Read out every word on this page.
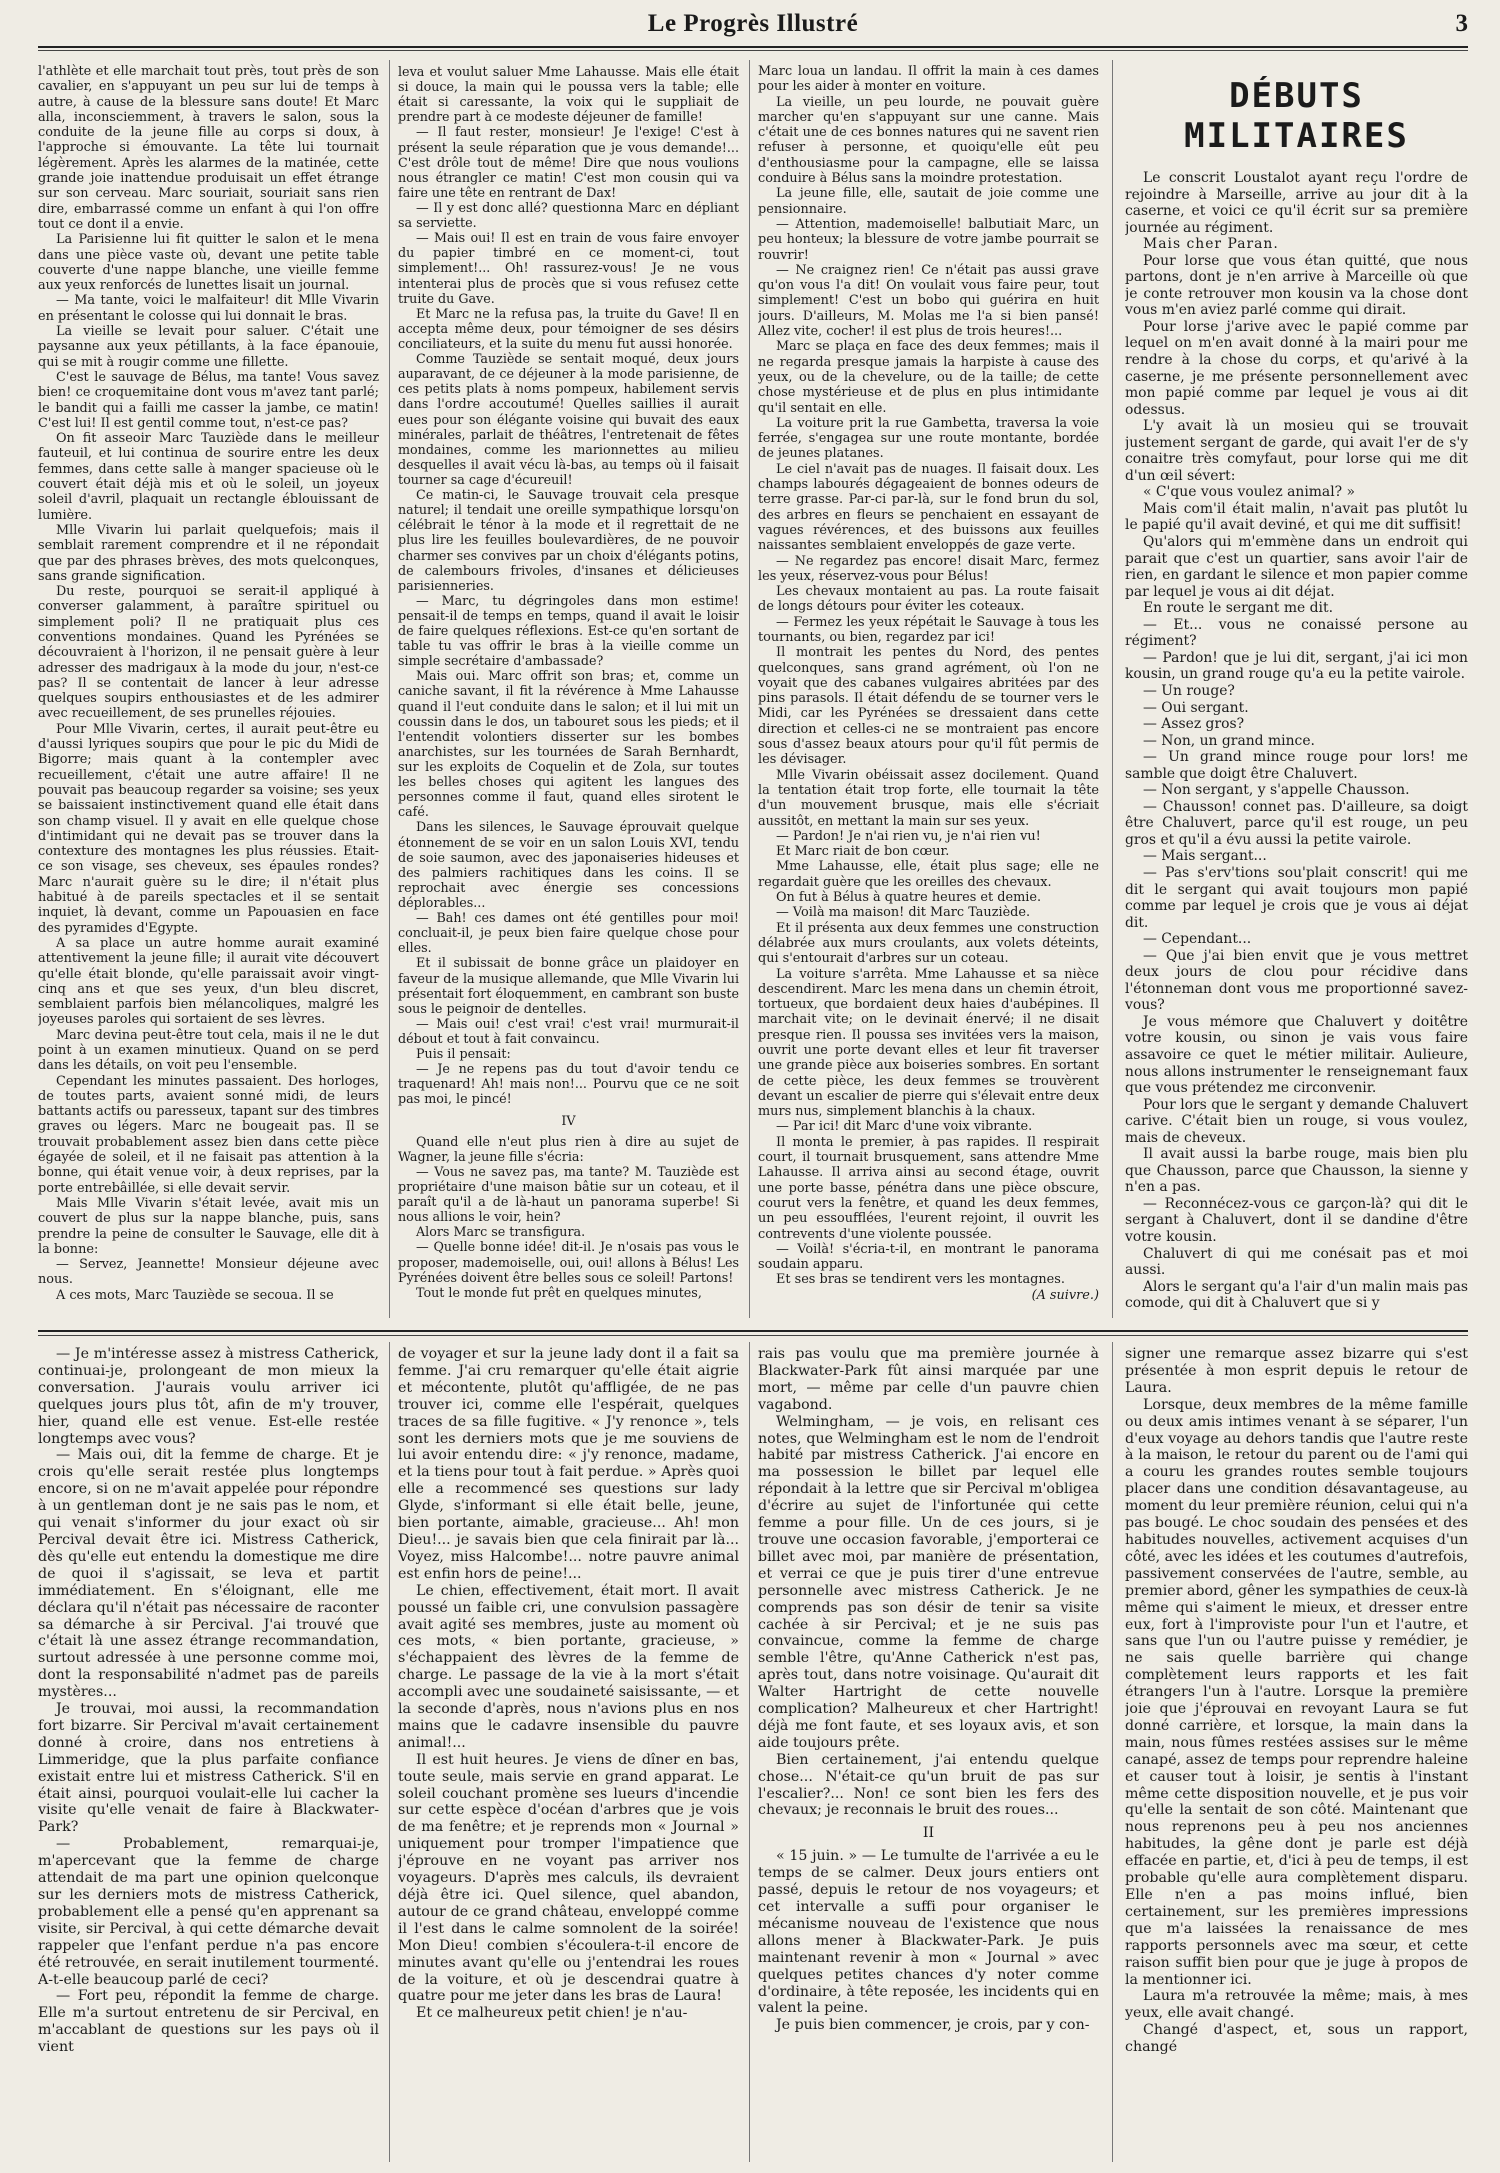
Le Progrès Illustré	3

l'athlète et elle marchait tout près, tout près de son cavalier, en s'appuyant un peu sur lui de temps à autre, à cause de la blessure sans doute! Et Marc alla, inconsciemment, à travers le salon, sous la conduite de la jeune fille au corps si doux, à l'approche si émouvante. La tête lui tournait légèrement. Après les alarmes de la matinée, cette grande joie inattendue produisait un effet étrange sur son cerveau. Marc souriait, souriait sans rien dire, embarrassé comme un enfant à qui l'on offre tout ce dont il a envie.

La Parisienne lui fit quitter le salon et le mena dans une pièce vaste où, devant une petite table couverte d'une nappe blanche, une vieille femme aux yeux renforcés de lunettes lisait un journal.

— Ma tante, voici le malfaiteur! dit Mlle Vivarin en présentant le colosse qui lui donnait le bras.

La vieille se levait pour saluer. C'était une paysanne aux yeux pétillants, à la face épanouie, qui se mit à rougir comme une fillette.

C'est le sauvage de Bélus, ma tante! Vous savez bien! ce croquemitaine dont vous m'avez tant parlé; le bandit qui a failli me casser la jambe, ce matin! C'est lui! Il est gentil comme tout, n'est-ce pas?

On fit asseoir Marc Tauziède dans le meilleur fauteuil, et lui continua de sourire entre les deux femmes, dans cette salle à manger spacieuse où le couvert était déjà mis et où le soleil, un joyeux soleil d'avril, plaquait un rectangle éblouissant de lumière.

Mlle Vivarin lui parlait quelquefois; mais il semblait rarement comprendre et il ne répondait que par des phrases brèves, des mots quelconques, sans grande signification.

Du reste, pourquoi se serait-il appliqué à converser galamment, à paraître spirituel ou simplement poli? Il ne pratiquait plus ces conventions mondaines. Quand les Pyrénées se découvraient à l'horizon, il ne pensait guère à leur adresser des madrigaux à la mode du jour, n'est-ce pas? Il se contentait de lancer à leur adresse quelques soupirs enthousiastes et de les admirer avec recueillement, de ses prunelles réjouies.

Pour Mlle Vivarin, certes, il aurait peut-être eu d'aussi lyriques soupirs que pour le pic du Midi de Bigorre; mais quant à la contempler avec recueillement, c'était une autre affaire! Il ne pouvait pas beaucoup regarder sa voisine; ses yeux se baissaient instinctivement quand elle était dans son champ visuel. Il y avait en elle quelque chose d'intimidant qui ne devait pas se trouver dans la contexture des montagnes les plus réussies. Etait-ce son visage, ses cheveux, ses épaules rondes? Marc n'aurait guère su le dire; il n'était plus habitué à de pareils spectacles et il se sentait inquiet, là devant, comme un Papouasien en face des pyramides d'Egypte.

A sa place un autre homme aurait examiné attentivement la jeune fille; il aurait vite découvert qu'elle était blonde, qu'elle paraissait avoir vingt-cinq ans et que ses yeux, d'un bleu discret, semblaient parfois bien mélancoliques, malgré les joyeuses paroles qui sortaient de ses lèvres.

Marc devina peut-être tout cela, mais il ne le dut point à un examen minutieux. Quand on se perd dans les détails, on voit peu l'ensemble.

Cependant les minutes passaient. Des horloges, de toutes parts, avaient sonné midi, de leurs battants actifs ou paresseux, tapant sur des timbres graves ou légers. Marc ne bougeait pas. Il se trouvait probablement assez bien dans cette pièce égayée de soleil, et il ne faisait pas attention à la bonne, qui était venue voir, à deux reprises, par la porte entrebâillée, si elle devait servir.

Mais Mlle Vivarin s'était levée, avait mis un couvert de plus sur la nappe blanche, puis, sans prendre la peine de consulter le Sauvage, elle dit à la bonne:

— Servez, Jeannette! Monsieur déjeune avec nous.

A ces mots, Marc Tauziède se secoua. Il se

leva et voulut saluer Mme Lahausse. Mais elle était si douce, la main qui le poussa vers la table; elle était si caressante, la voix qui le suppliait de prendre part à ce modeste déjeuner de famille!

— Il faut rester, monsieur! Je l'exige! C'est à présent la seule réparation que je vous demande!... C'est drôle tout de même! Dire que nous voulions nous étrangler ce matin! C'est mon cousin qui va faire une tête en rentrant de Dax!

— Il y est donc allé? questionna Marc en dépliant sa serviette.

— Mais oui! Il est en train de vous faire envoyer du papier timbré en ce moment-ci, tout simplement!... Oh! rassurez-vous! Je ne vous intenterai plus de procès que si vous refusez cette truite du Gave.

Et Marc ne la refusa pas, la truite du Gave! Il en accepta même deux, pour témoigner de ses désirs conciliateurs, et la suite du menu fut aussi honorée.

Comme Tauziède se sentait moqué, deux jours auparavant, de ce déjeuner à la mode parisienne, de ces petits plats à noms pompeux, habilement servis dans l'ordre accoutumé! Quelles saillies il aurait eues pour son élégante voisine qui buvait des eaux minérales, parlait de théâtres, l'entretenait de fêtes mondaines, comme les marionnettes au milieu desquelles il avait vécu là-bas, au temps où il faisait tourner sa cage d'écureuil!

Ce matin-ci, le Sauvage trouvait cela presque naturel; il tendait une oreille sympathique lorsqu'on célébrait le ténor à la mode et il regrettait de ne plus lire les feuilles boulevardières, de ne pouvoir charmer ses convives par un choix d'élégants potins, de calembours frivoles, d'insanes et délicieuses parisienneries.

— Marc, tu dégringoles dans mon estime! pensait-il de temps en temps, quand il avait le loisir de faire quelques réflexions. Est-ce qu'en sortant de table tu vas offrir le bras à la vieille comme un simple secrétaire d'ambassade?

Mais oui. Marc offrit son bras; et, comme un caniche savant, il fit la révérence à Mme Lahausse quand il l'eut conduite dans le salon; et il lui mit un coussin dans le dos, un tabouret sous les pieds; et il l'entendit volontiers disserter sur les bombes anarchistes, sur les tournées de Sarah Bernhardt, sur les exploits de Coquelin et de Zola, sur toutes les belles choses qui agitent les langues des personnes comme il faut, quand elles sirotent le café.

Dans les silences, le Sauvage éprouvait quelque étonnement de se voir en un salon Louis XVI, tendu de soie saumon, avec des japonaiseries hideuses et des palmiers rachitiques dans les coins. Il se reprochait avec énergie ses concessions déplorables...

— Bah! ces dames ont été gentilles pour moi! concluait-il, je peux bien faire quelque chose pour elles.

Et il subissait de bonne grâce un plaidoyer en faveur de la musique allemande, que Mlle Vivarin lui présentait fort éloquemment, en cambrant son buste sous le peignoir de dentelles.

— Mais oui! c'est vrai! c'est vrai! murmurait-il débout et tout à fait convaincu.

Puis il pensait:

— Je ne repens pas du tout d'avoir tendu ce traquenard! Ah! mais non!... Pourvu que ce ne soit pas moi, le pincé!

IV

Quand elle n'eut plus rien à dire au sujet de Wagner, la jeune fille s'écria:

— Vous ne savez pas, ma tante? M. Tauziède est propriétaire d'une maison bâtie sur un coteau, et il paraît qu'il a de là-haut un panorama superbe! Si nous allions le voir, hein?

Alors Marc se transfigura.

— Quelle bonne idée! dit-il. Je n'osais pas vous le proposer, mademoiselle, oui, oui! allons à Bélus! Les Pyrénées doivent être belles sous ce soleil! Partons!

Tout le monde fut prêt en quelques minutes,

Marc loua un landau. Il offrit la main à ces dames pour les aider à monter en voiture.

La vieille, un peu lourde, ne pouvait guère marcher qu'en s'appuyant sur une canne. Mais c'était une de ces bonnes natures qui ne savent rien refuser à personne, et quoiqu'elle eût peu d'enthousiasme pour la campagne, elle se laissa conduire à Bélus sans la moindre protestation.

La jeune fille, elle, sautait de joie comme une pensionnaire.

— Attention, mademoiselle! balbutiait Marc, un peu honteux; la blessure de votre jambe pourrait se rouvrir!

— Ne craignez rien! Ce n'était pas aussi grave qu'on vous l'a dit! On voulait vous faire peur, tout simplement! C'est un bobo qui guérira en huit jours. D'ailleurs, M. Molas me l'a si bien pansé! Allez vite, cocher! il est plus de trois heures!...

Marc se plaça en face des deux femmes; mais il ne regarda presque jamais la harpiste à cause des yeux, ou de la chevelure, ou de la taille; de cette chose mystérieuse et de plus en plus intimidante qu'il sentait en elle.

La voiture prit la rue Gambetta, traversa la voie ferrée, s'engagea sur une route montante, bordée de jeunes platanes.

Le ciel n'avait pas de nuages. Il faisait doux. Les champs labourés dégageaient de bonnes odeurs de terre grasse. Par-ci par-là, sur le fond brun du sol, des arbres en fleurs se penchaient en essayant de vagues révérences, et des buissons aux feuilles naissantes semblaient enveloppés de gaze verte.

— Ne regardez pas encore! disait Marc, fermez les yeux, réservez-vous pour Bélus!

Les chevaux montaient au pas. La route faisait de longs détours pour éviter les coteaux.

— Fermez les yeux répétait le Sauvage à tous les tournants, ou bien, regardez par ici!

Il montrait les pentes du Nord, des pentes quelconques, sans grand agrément, où l'on ne voyait que des cabanes vulgaires abritées par des pins parasols. Il était défendu de se tourner vers le Midi, car les Pyrénées se dressaient dans cette direction et celles-ci ne se montraient pas encore sous d'assez beaux atours pour qu'il fût permis de les dévisager.

Mlle Vivarin obéissait assez docilement. Quand la tentation était trop forte, elle tournait la tête d'un mouvement brusque, mais elle s'écriait aussitôt, en mettant la main sur ses yeux.

— Pardon! Je n'ai rien vu, je n'ai rien vu!

Et Marc riait de bon cœur.

Mme Lahausse, elle, était plus sage; elle ne regardait guère que les oreilles des chevaux.

On fut à Bélus à quatre heures et demie.

— Voilà ma maison! dit Marc Tauziède.

Et il présenta aux deux femmes une construction délabrée aux murs croulants, aux volets déteints, qui s'entourait d'arbres sur un coteau.

La voiture s'arrêta. Mme Lahausse et sa nièce descendirent. Marc les mena dans un chemin étroit, tortueux, que bordaient deux haies d'aubépines. Il marchait vite; on le devinait énervé; il ne disait presque rien. Il poussa ses invitées vers la maison, ouvrit une porte devant elles et leur fit traverser une grande pièce aux boiseries sombres. En sortant de cette pièce, les deux femmes se trouvèrent devant un escalier de pierre qui s'élevait entre deux murs nus, simplement blanchis à la chaux.

— Par ici! dit Marc d'une voix vibrante.

Il monta le premier, à pas rapides. Il respirait court, il tournait brusquement, sans attendre Mme Lahausse. Il arriva ainsi au second étage, ouvrit une porte basse, pénétra dans une pièce obscure, courut vers la fenêtre, et quand les deux femmes, un peu essoufflées, l'eurent rejoint, il ouvrit les contrevents d'une violente poussée.

— Voilà! s'écria-t-il, en montrant le panorama soudain apparu.

Et ses bras se tendirent vers les montagnes.

(A suivre.)

DÉBUTS MILITAIRES

Le conscrit Loustalot ayant reçu l'ordre de rejoindre à Marseille, arrive au jour dit à la caserne, et voici ce qu'il écrit sur sa première journée au régiment.

Mais cher Paran.

Pour lorse que vous étan quitté, que nous partons, dont je n'en arrive à Marceille où que je conte retrouver mon kousin va la chose dont vous m'en aviez parlé comme qui dirait.

Pour lorse j'arive avec le papié comme par lequel on m'en avait donné à la mairi pour me rendre à la chose du corps, et qu'arivé à la caserne, je me présente personnellement avec mon papié comme par lequel je vous ai dit odessus.

L'y avait là un mosieu qui se trouvait justement sergant de garde, qui avait l'er de s'y conaitre très comyfaut, pour lorse qui me dit d'un œil sévert:

« C'que vous voulez animal? »

Mais com'il était malin, n'avait pas plutôt lu le papié qu'il avait deviné, et qui me dit suffisit!

Qu'alors qui m'emmène dans un endroit qui parait que c'est un quartier, sans avoir l'air de rien, en gardant le silence et mon papier comme par lequel je vous ai dit déjat.

En route le sergant me dit.

— Et... vous ne conaissé persone au régiment?

— Pardon! que je lui dit, sergant, j'ai ici mon kousin, un grand rouge qu'a eu la petite vairole.

— Un rouge?

— Oui sergant.

— Assez gros?

— Non, un grand mince.

— Un grand mince rouge pour lors! me samble que doigt être Chaluvert.

— Non sergant, y s'appelle Chausson.

— Chausson! connet pas. D'ailleure, sa doigt être Chaluvert, parce qu'il est rouge, un peu gros et qu'il a évu aussi la petite vairole.

— Mais sergant...

— Pas s'erv'tions sou'plait conscrit! qui me dit le sergant qui avait toujours mon papié comme par lequel je crois que je vous ai déjat dit.

— Cependant...

— Que j'ai bien envit que je vous mettret deux jours de clou pour récidive dans l'étonneman dont vous me proportionné savez-vous?

Je vous mémore que Chaluvert y doitêtre votre kousin, ou sinon je vais vous faire assavoire ce quet le métier militair. Aulieure, nous allons instrumenter le renseignemant faux que vous prétendez me circonvenir.

Pour lors que le sergant y demande Chaluvert carive. C'était bien un rouge, si vous voulez, mais de cheveux.

Il avait aussi la barbe rouge, mais bien plu que Chausson, parce que Chausson, la sienne y n'en a pas.

— Reconnécez-vous ce garçon-là? qui dit le sergant à Chaluvert, dont il se dandine d'être votre kousin.

Chaluvert di qui me conésait pas et moi aussi.

Alors le sergant qu'a l'air d'un malin mais pas comode, qui dit à Chaluvert que si y

— Je m'intéresse assez à mistress Catherick, continuai-je, prolongeant de mon mieux la conversation. J'aurais voulu arriver ici quelques jours plus tôt, afin de m'y trouver, hier, quand elle est venue. Est-elle restée longtemps avec vous?

— Mais oui, dit la femme de charge. Et je crois qu'elle serait restée plus longtemps encore, si on ne m'avait appelée pour répondre à un gentleman dont je ne sais pas le nom, et qui venait s'informer du jour exact où sir Percival devait être ici. Mistress Catherick, dès qu'elle eut entendu la domestique me dire de quoi il s'agissait, se leva et partit immédiatement. En s'éloignant, elle me déclara qu'il n'était pas nécessaire de raconter sa démarche à sir Percival. J'ai trouvé que c'était là une assez étrange recommandation, surtout adressée à une personne comme moi, dont la responsabilité n'admet pas de pareils mystères...

Je trouvai, moi aussi, la recommandation fort bizarre. Sir Percival m'avait certainement donné à croire, dans nos entretiens à Limmeridge, que la plus parfaite confiance existait entre lui et mistress Catherick. S'il en était ainsi, pourquoi voulait-elle lui cacher la visite qu'elle venait de faire à Blackwater-Park?

— Probablement, remarquai-je, m'apercevant que la femme de charge attendait de ma part une opinion quelconque sur les derniers mots de mistress Catherick, probablement elle a pensé qu'en apprenant sa visite, sir Percival, à qui cette démarche devait rappeler que l'enfant perdue n'a pas encore été retrouvée, en serait inutilement tourmenté. A-t-elle beaucoup parlé de ceci?

— Fort peu, répondit la femme de charge. Elle m'a surtout entretenu de sir Percival, en m'accablant de questions sur les pays où il vient

de voyager et sur la jeune lady dont il a fait sa femme. J'ai cru remarquer qu'elle était aigrie et mécontente, plutôt qu'affligée, de ne pas trouver ici, comme elle l'espérait, quelques traces de sa fille fugitive. « J'y renonce », tels sont les derniers mots que je me souviens de lui avoir entendu dire: « j'y renonce, madame, et la tiens pour tout à fait perdue. » Après quoi elle a recommencé ses questions sur lady Glyde, s'informant si elle était belle, jeune, bien portante, aimable, gracieuse... Ah! mon Dieu!... je savais bien que cela finirait par là... Voyez, miss Halcombe!... notre pauvre animal est enfin hors de peine!...

Le chien, effectivement, était mort. Il avait poussé un faible cri, une convulsion passagère avait agité ses membres, juste au moment où ces mots, « bien portante, gracieuse, » s'échappaient des lèvres de la femme de charge. Le passage de la vie à la mort s'était accompli avec une soudaineté saisissante, — et la seconde d'après, nous n'avions plus en nos mains que le cadavre insensible du pauvre animal!...

Il est huit heures. Je viens de dîner en bas, toute seule, mais servie en grand apparat. Le soleil couchant promène ses lueurs d'incendie sur cette espèce d'océan d'arbres que je vois de ma fenêtre; et je reprends mon « Journal » uniquement pour tromper l'impatience que j'éprouve en ne voyant pas arriver nos voyageurs. D'après mes calculs, ils devraient déjà être ici. Quel silence, quel abandon, autour de ce grand château, enveloppé comme il l'est dans le calme somnolent de la soirée! Mon Dieu! combien s'écoulera-t-il encore de minutes avant qu'elle ou j'entendrai les roues de la voiture, et où je descendrai quatre à quatre pour me jeter dans les bras de Laura!

Et ce malheureux petit chien! je n'au-

rais pas voulu que ma première journée à Blackwater-Park fût ainsi marquée par une mort, — même par celle d'un pauvre chien vagabond.

Welmingham, — je vois, en relisant ces notes, que Welmingham est le nom de l'endroit habité par mistress Catherick. J'ai encore en ma possession le billet par lequel elle répondait à la lettre que sir Percival m'obligea d'écrire au sujet de l'infortunée qui cette femme a pour fille. Un de ces jours, si je trouve une occasion favorable, j'emporterai ce billet avec moi, par manière de présentation, et verrai ce que je puis tirer d'une entrevue personnelle avec mistress Catherick. Je ne comprends pas son désir de tenir sa visite cachée à sir Percival; et je ne suis pas convaincue, comme la femme de charge semble l'être, qu'Anne Catherick n'est pas, après tout, dans notre voisinage. Qu'aurait dit Walter Hartright de cette nouvelle complication? Malheureux et cher Hartright! déjà me font faute, et ses loyaux avis, et son aide toujours prête.

Bien certainement, j'ai entendu quelque chose... N'était-ce qu'un bruit de pas sur l'escalier?... Non! ce sont bien les fers des chevaux; je reconnais le bruit des roues...

II

« 15 juin. » — Le tumulte de l'arrivée a eu le temps de se calmer. Deux jours entiers ont passé, depuis le retour de nos voyageurs; et cet intervalle a suffi pour organiser le mécanisme nouveau de l'existence que nous allons mener à Blackwater-Park. Je puis maintenant revenir à mon « Journal » avec quelques petites chances d'y noter comme d'ordinaire, à tête reposée, les incidents qui en valent la peine.

Je puis bien commencer, je crois, par y con-

signer une remarque assez bizarre qui s'est présentée à mon esprit depuis le retour de Laura.

Lorsque, deux membres de la même famille ou deux amis intimes venant à se séparer, l'un d'eux voyage au dehors tandis que l'autre reste à la maison, le retour du parent ou de l'ami qui a couru les grandes routes semble toujours placer dans une condition désavantageuse, au moment du leur première réunion, celui qui n'a pas bougé. Le choc soudain des pensées et des habitudes nouvelles, activement acquises d'un côté, avec les idées et les coutumes d'autrefois, passivement conservées de l'autre, semble, au premier abord, gêner les sympathies de ceux-là même qui s'aiment le mieux, et dresser entre eux, fort à l'improviste pour l'un et l'autre, et sans que l'un ou l'autre puisse y remédier, je ne sais quelle barrière qui change complètement leurs rapports et les fait étrangers l'un à l'autre. Lorsque la première joie que j'éprouvai en revoyant Laura se fut donné carrière, et lorsque, la main dans la main, nous fûmes restées assises sur le même canapé, assez de temps pour reprendre haleine et causer tout à loisir, je sentis à l'instant même cette disposition nouvelle, et je pus voir qu'elle la sentait de son côté. Maintenant que nous reprenons peu à peu nos anciennes habitudes, la gêne dont je parle est déjà effacée en partie, et, d'ici à peu de temps, il est probable qu'elle aura complètement disparu. Elle n'en a pas moins influé, bien certainement, sur les premières impressions que m'a laissées la renaissance de mes rapports personnels avec ma sœur, et cette raison suffit bien pour que je juge à propos de la mentionner ici.

Laura m'a retrouvée la même; mais, à mes yeux, elle avait changé.

Changé d'aspect, et, sous un rapport, changé
